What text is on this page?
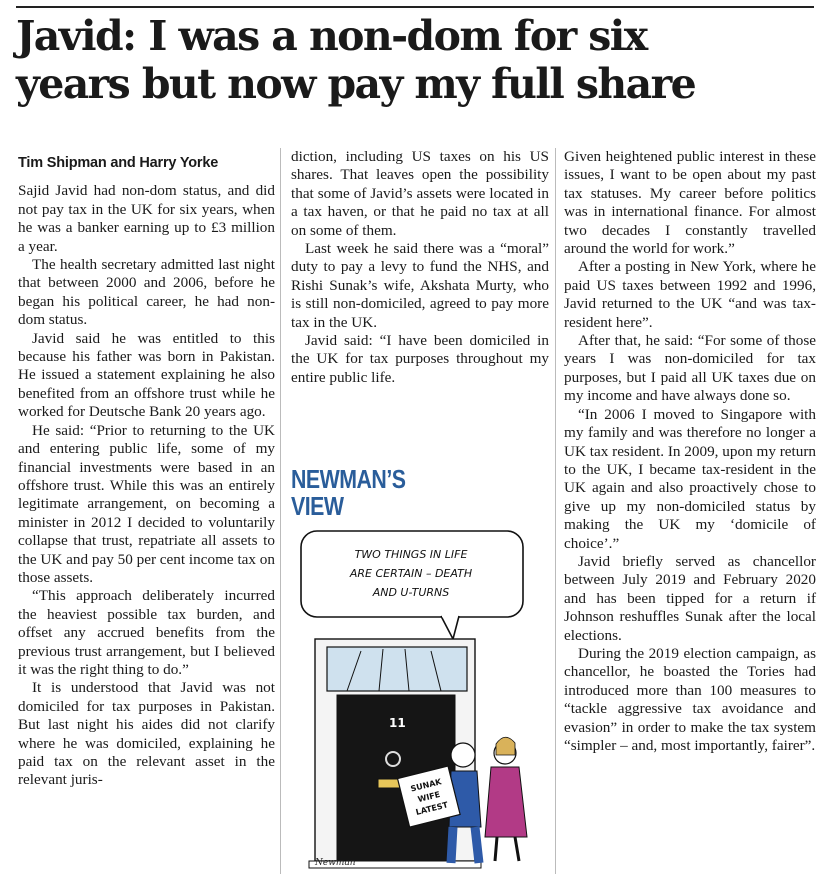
Javid: I was a non-dom for six
years but now pay my full share
Tim Shipman and Harry Yorke

Sajid Javid had non-dom status, and did not pay tax in the UK for six years, when he was a banker earning up to £3 million a year.

The health secretary admitted last night that between 2000 and 2006, before he began his political career, he had non-dom status.

Javid said he was entitled to this because his father was born in Pakistan. He issued a statement explaining he also benefited from an offshore trust while he worked for Deutsche Bank 20 years ago.

He said: “Prior to returning to the UK and entering public life, some of my financial investments were based in an offshore trust. While this was an entirely legitimate arrangement, on becoming a minister in 2012 I decided to voluntarily collapse that trust, repatriate all assets to the UK and pay 50 per cent income tax on those assets.

“This approach deliberately incurred the heaviest possible tax burden, and offset any accrued benefits from the previous trust arrangement, but I believed it was the right thing to do.”

It is understood that Javid was not domiciled for tax purposes in Pakistan. But last night his aides did not clarify where he was domiciled, explaining he paid tax on the relevant asset in the relevant juris-

diction, including US taxes on his US shares. That leaves open the possibility that some of Javid’s assets were located in a tax haven, or that he paid no tax at all on some of them.

Last week he said there was a “moral” duty to pay a levy to fund the NHS, and Rishi Sunak’s wife, Akshata Murty, who is still non-domiciled, agreed to pay more tax in the UK.

Javid said: “I have been domiciled in the UK for tax purposes throughout my entire public life.

NEWMAN’S
VIEW
TWO THINGS IN LIFE
ARE CERTAIN – DEATH
AND U-TURNS
11
SUNAK
WIFE
LATEST
Newman

Given heightened public interest in these issues, I want to be open about my past tax statuses. My career before politics was in international finance. For almost two decades I constantly travelled around the world for work.”

After a posting in New York, where he paid US taxes between 1992 and 1996, Javid returned to the UK “and was tax-resident here”.

After that, he said: “For some of those years I was non-domiciled for tax purposes, but I paid all UK taxes due on my income and have always done so.

“In 2006 I moved to Singapore with my family and was therefore no longer a UK tax resident. In 2009, upon my return to the UK, I became tax-resident in the UK again and also proactively chose to give up my non-domiciled status by making the UK my ‘domicile of choice’.”

Javid briefly served as chancellor between July 2019 and February 2020 and has been tipped for a return if Johnson reshuffles Sunak after the local elections.

During the 2019 election campaign, as chancellor, he boasted the Tories had introduced more than 100 measures to “tackle aggressive tax avoidance and evasion” in order to make the tax system “simpler – and, most importantly, fairer”.
